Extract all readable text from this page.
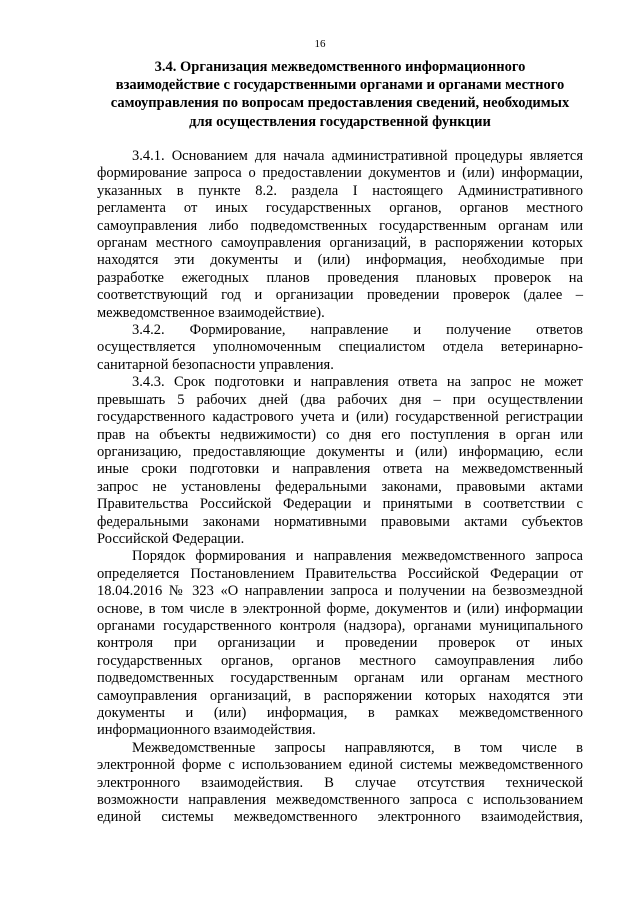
16
3.4. Организация межведомственного информационного
взаимодействие с государственными органами и органами местного
самоуправления по вопросам предоставления сведений, необходимых
для осуществления государственной функции

3.4.1. Основанием для начала административной процедуры является

формирование запроса о предоставлении документов и (или) информации,

указанных в пункте 8.2. раздела I настоящего Административного

регламента от иных государственных органов, органов местного

самоуправления либо подведомственных государственным органам или

органам местного самоуправления организаций, в распоряжении которых

находятся эти документы и (или) информация, необходимые при

разработке ежегодных планов проведения плановых проверок на

соответствующий год и организации проведении проверок (далее –

межведомственное взаимодействие).

3.4.2. Формирование, направление и получение ответов

осуществляется уполномоченным специалистом отдела ветеринарно-

санитарной безопасности управления.

3.4.3. Срок подготовки и направления ответа на запрос не может

превышать 5 рабочих дней (два рабочих дня – при осуществлении

государственного кадастрового учета и (или) государственной регистрации

прав на объекты недвижимости) со дня его поступления в орган или

организацию, предоставляющие документы и (или) информацию, если

иные сроки подготовки и направления ответа на межведомственный

запрос не установлены федеральными законами, правовыми актами

Правительства Российской Федерации и принятыми в соответствии с

федеральными законами нормативными правовыми актами субъектов

Российской Федерации.

Порядок формирования и направления межведомственного запроса

определяется Постановлением Правительства Российской Федерации от

18.04.2016 № 323 «О направлении запроса и получении на безвозмездной

основе, в том числе в электронной форме, документов и (или) информации

органами государственного контроля (надзора), органами муниципального

контроля при организации и проведении проверок от иных

государственных органов, органов местного самоуправления либо

подведомственных государственным органам или органам местного

самоуправления организаций, в распоряжении которых находятся эти

документы и (или) информация, в рамках межведомственного

информационного взаимодействия.

Межведомственные запросы направляются, в том числе в

электронной форме с использованием единой системы межведомственного

электронного взаимодействия. В случае отсутствия технической

возможности направления межведомственного запроса с использованием

единой системы межведомственного электронного взаимодействия,
